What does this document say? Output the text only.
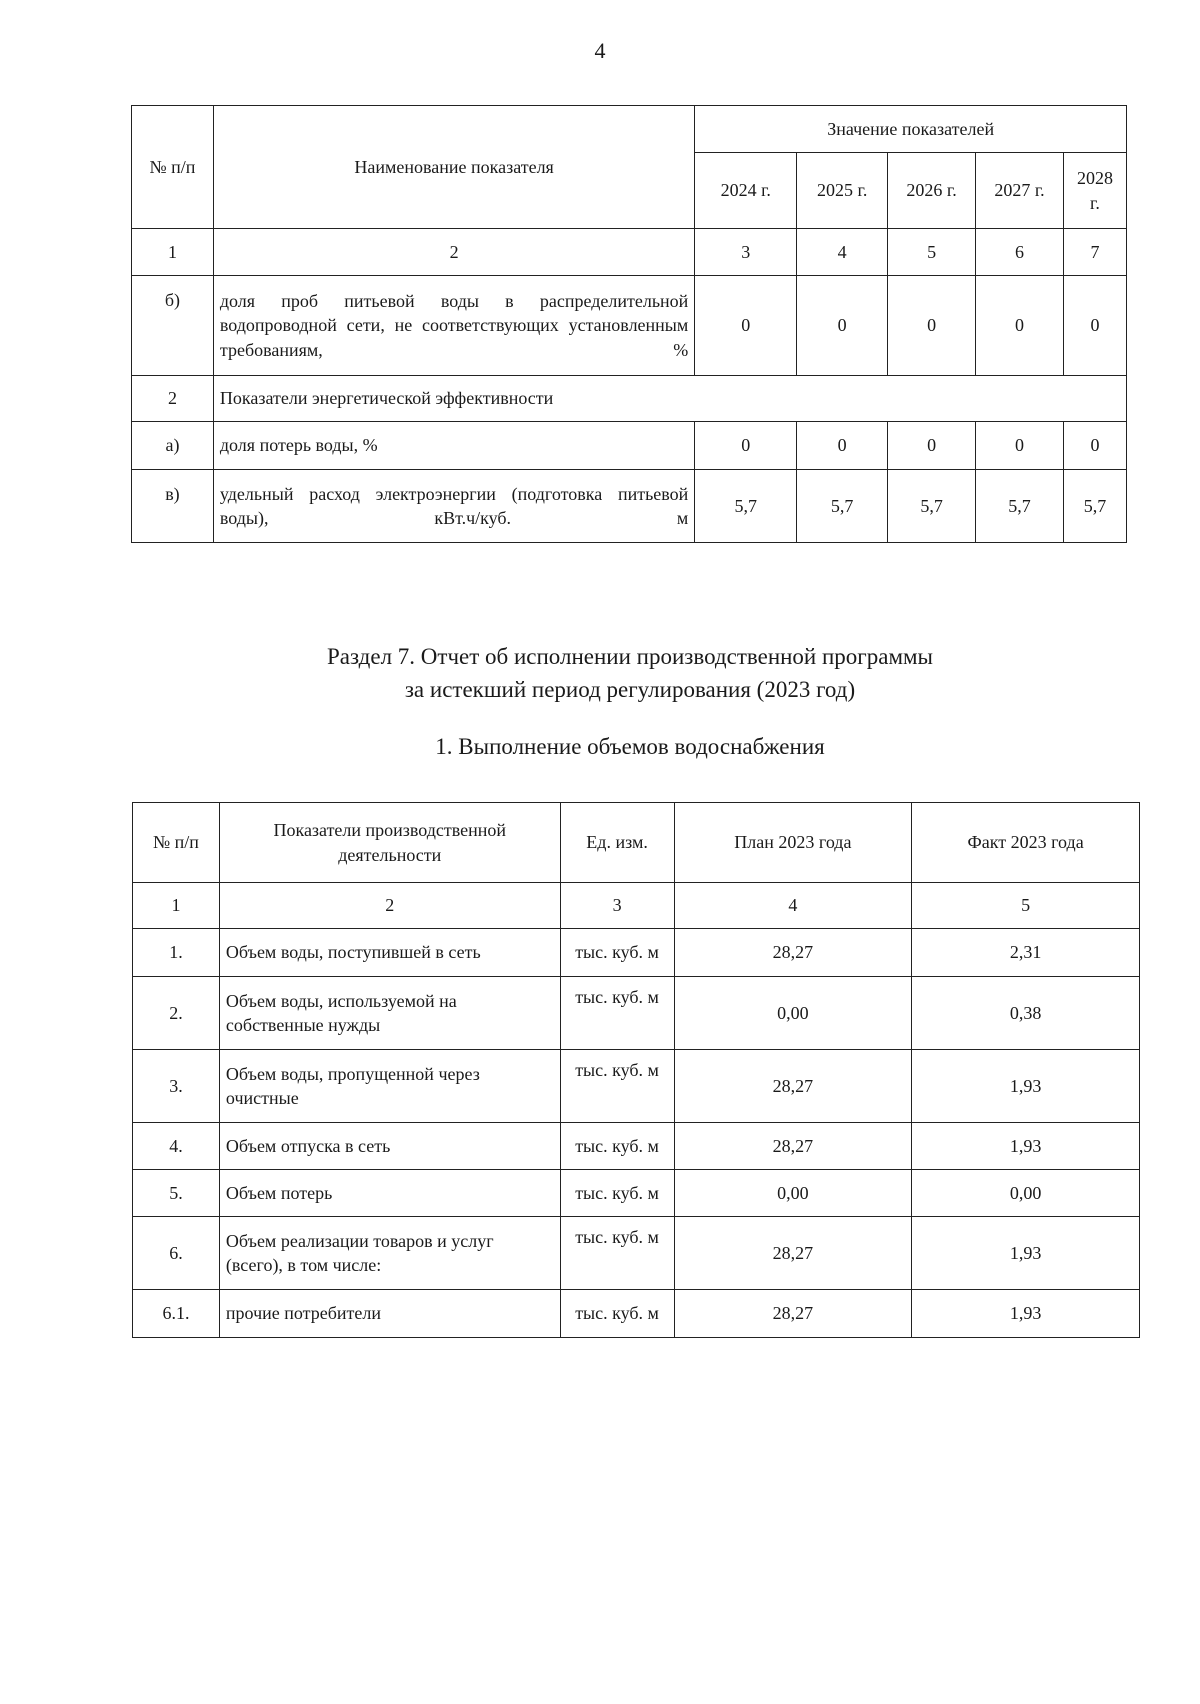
4
№ п/п	Наименование показателя	Значение показателей				
		2024 г.	2025 г.	2026 г.	2027 г.	2028 г.
1	2	3	4	5	6	7
б)	доля проб питьевой воды в распределительной водопроводной сети, не соответствующих установленным требованиям, %	0	0	0	0	0
2	Показатели энергетической эффективности					
а)	доля потерь воды, %	0	0	0	0	0
в)	удельный расход электроэнергии (подготовка питьевой воды), кВт.ч/куб. м	5,7	5,7	5,7	5,7	5,7
Раздел 7. Отчет об исполнении производственной программы
за истекший период регулирования (2023 год)
1. Выполнение объемов водоснабжения
№ п/п	Показатели производственной деятельности	Ед. изм.	План 2023 года	Факт 2023 года
1	2	3	4	5
1.	Объем воды, поступившей в сеть	тыс. куб. м	28,27	2,31
2.	Объем воды, используемой на собственные нужды	тыс. куб. м	0,00	0,38
3.	Объем воды, пропущенной через очистные	тыс. куб. м	28,27	1,93
4.	Объем отпуска в сеть	тыс. куб. м	28,27	1,93
5.	Объем потерь	тыс. куб. м	0,00	0,00
6.	Объем реализации товаров и услуг (всего), в том числе:	тыс. куб. м	28,27	1,93
6.1.	прочие потребители	тыс. куб. м	28,27	1,93
